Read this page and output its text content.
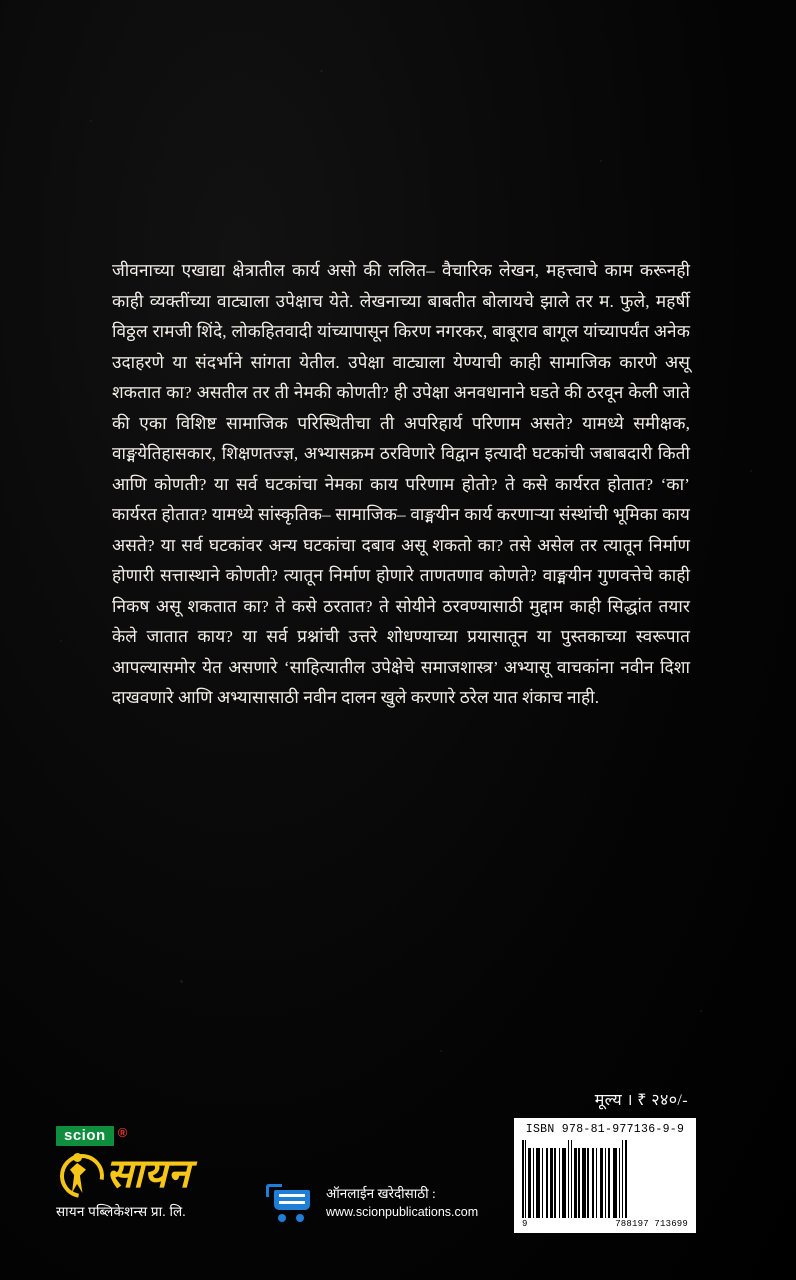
जीवनाच्या एखाद्या क्षेत्रातील कार्य असो की ललित– वैचारिक लेखन, महत्त्वाचे काम करूनही काही व्यक्तींच्या वाट्याला उपेक्षाच येते. लेखनाच्या बाबतीत बोलायचे झाले तर म. फुले, महर्षी विठ्ठल रामजी शिंदे, लोकहितवादी यांच्यापासून किरण नगरकर, बाबूराव बागूल यांच्यापर्यंत अनेक उदाहरणे या संदर्भाने सांगता येतील. उपेक्षा वाट्याला येण्याची काही सामाजिक कारणे असू शकतात का? असतील तर ती नेमकी कोणती? ही उपेक्षा अनवधानाने घडते की ठरवून केली जाते की एका विशिष्ट सामाजिक परिस्थितीचा ती अपरिहार्य परिणाम असते? यामध्ये समीक्षक, वाङ्मयेतिहासकार, शिक्षणतज्ज्ञ, अभ्यासक्रम ठरविणारे विद्वान इत्यादी घटकांची जबाबदारी किती आणि कोणती? या सर्व घटकांचा नेमका काय परिणाम होतो? ते कसे कार्यरत होतात? ‘का’ कार्यरत होतात? यामध्ये सांस्कृतिक– सामाजिक– वाङ्मयीन कार्य करणाऱ्या संस्थांची भूमिका काय असते? या सर्व घटकांवर अन्य घटकांचा दबाव असू शकतो का? तसे असेल तर त्यातून निर्माण होणारी सत्तास्थाने कोणती? त्यातून निर्माण होणारे ताणतणाव कोणते? वाङ्मयीन गुणवत्तेचे काही निकष असू शकतात का? ते कसे ठरतात? ते सोयीने ठरवण्यासाठी मुद्दाम काही सिद्धांत तयार केले जातात काय? या सर्व प्रश्नांची उत्तरे शोधण्याच्या प्रयासातून या पुस्तकाच्या स्वरूपात आपल्यासमोर येत असणारे ‘साहित्यातील उपेक्षेचे समाजशास्त्र’ अभ्यासू वाचकांना नवीन दिशा दाखवणारे आणि अभ्यासासाठी नवीन दालन खुले करणारे ठरेल यात शंकाच नाही.
मूल्य । ₹ २४०/-
ISBN 978-81-977136-9-9
9	788197 713699
scion ®
सायन
सायन पब्लिकेशन्स प्रा. लि.
ऑनलाईन खरेदीसाठी :
www.scionpublications.com
